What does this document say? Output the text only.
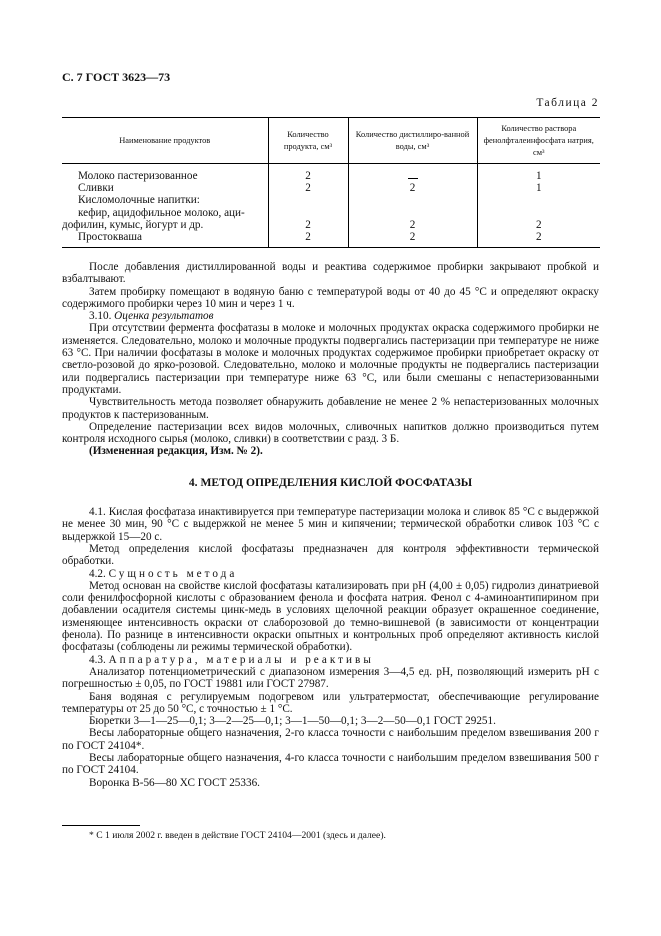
С. 7 ГОСТ 3623—73
Таблица 2
Наименование продуктов	Количество продукта, см³	Количество дистиллиро-ванной воды, см³	Количество раствора фенолфталеинфосфата натрия, см³
Молоко пастеризованное	2		1
Сливки	2	2	1

Кисломолочные напитки:
кефир, ацидофильное молоко, аци-
дофилин, кумыс, йогурт и др.	2	2	2
Простокваша	2	2	2

После добавления дистиллированной воды и реактива содержимое пробирки закрывают пробкой и взбалтывают.

Затем пробирку помещают в водяную баню с температурой воды от 40 до 45 °С и определяют окраску содержимого пробирки через 10 мин и через 1 ч.

3.10. Оценка результатов

При отсутствии фермента фосфатазы в молоке и молочных продуктах окраска содержимого пробирки не изменяется. Следовательно, молоко и молочные продукты подвергались пастеризации при температуре не ниже 63 °С. При наличии фосфатазы в молоке и молочных продуктах содержимое пробирки приобретает окраску от светло-розовой до ярко-розовой. Следовательно, молоко и молочные продукты не подвергались пастеризации или подвергались пастеризации при температуре ниже 63 °С, или были смешаны с непастеризованными продуктами.

Чувствительность метода позволяет обнаружить добавление не менее 2 % непастеризованных молочных продуктов к пастеризованным.

Определение пастеризации всех видов молочных, сливочных напитков должно производиться путем контроля исходного сырья (молоко, сливки) в соответствии с разд. 3 Б.

(Измененная редакция, Изм. № 2).

4. МЕТОД ОПРЕДЕЛЕНИЯ КИСЛОЙ ФОСФАТАЗЫ

4.1. Кислая фосфатаза инактивируется при температуре пастеризации молока и сливок 85 °С с выдержкой не менее 30 мин, 90 °С с выдержкой не менее 5 мин и кипячении; термической обработки сливок 103 °С с выдержкой 15—20 с.

Метод определения кислой фосфатазы предназначен для контроля эффективности термической обработки.

4.2. Сущность метода

Метод основан на свойстве кислой фосфатазы катализировать при pH (4,00 ± 0,05) гидролиз динатриевой соли фенилфосфорной кислоты с образованием фенола и фосфата натрия. Фенол с 4-аминоантипирином при добавлении осадителя системы цинк-медь в условиях щелочной реакции образует окрашенное соединение, изменяющее интенсивность окраски от слаборозовой до темно-вишневой (в зависимости от концентрации фенола). По разнице в интенсивности окраски опытных и контрольных проб определяют активность кислой фосфатазы (соблюдены ли режимы термической обработки).

4.3. Аппаратура, материалы и реактивы

Анализатор потенциометрический с диапазоном измерения 3—4,5 ед. pH, позволяющий измерить pH с погрешностью ± 0,05, по ГОСТ 19881 или ГОСТ 27987.

Баня водяная с регулируемым подогревом или ультратермостат, обеспечивающие регулирование температуры от 25 до 50 °С, с точностью ± 1 °С.

Бюретки 3—1—25—0,1; 3—2—25—0,1; 3—1—50—0,1; 3—2—50—0,1 ГОСТ 29251.

Весы лабораторные общего назначения, 2-го класса точности с наибольшим пределом взвешивания 200 г по ГОСТ 24104*.

Весы лабораторные общего назначения, 4-го класса точности с наибольшим пределом взвешивания 500 г по ГОСТ 24104.

Воронка В-56—80 ХС ГОСТ 25336.

* С 1 июля 2002 г. введен в действие ГОСТ 24104—2001 (здесь и далее).
